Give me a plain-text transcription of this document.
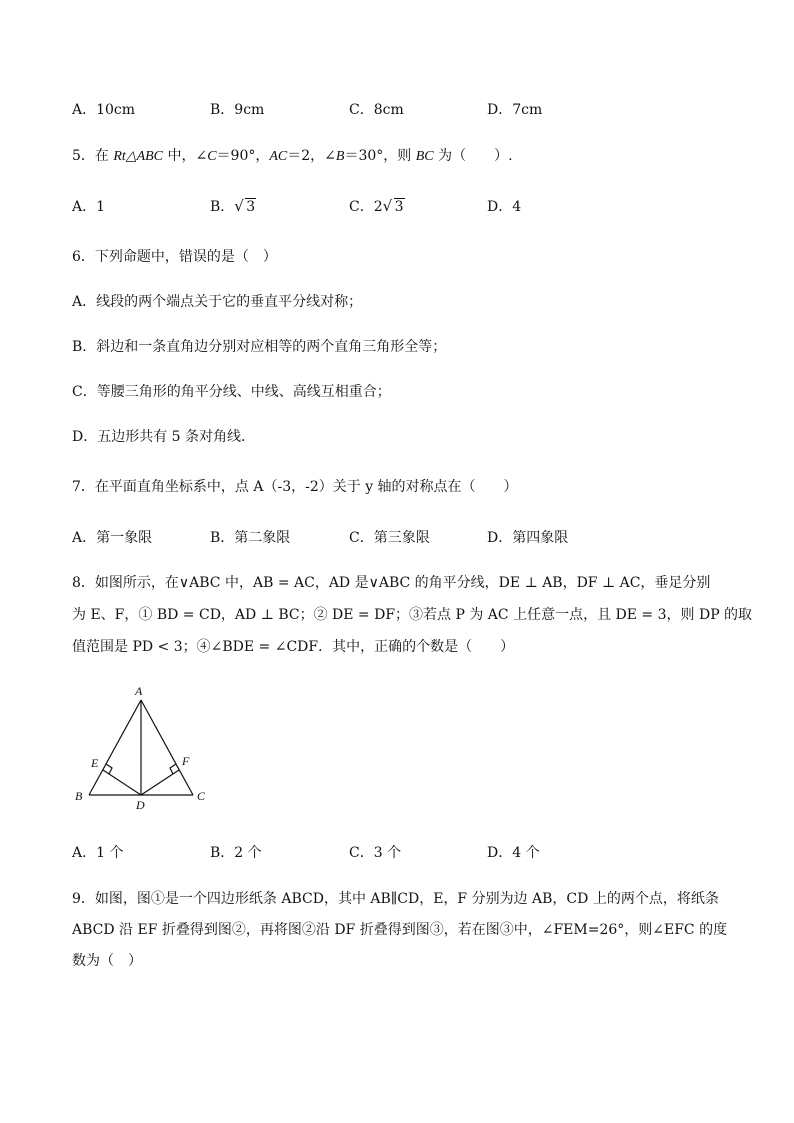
A．10cm	B．9cm	C．8cm	D．7cm
5．在 Rt△ABC 中，∠C＝90°，AC＝2，∠B＝30°，则 BC 为（　　）.
A．1	B． √ 3	C．2 √ 3	D．4
6．下列命题中，错误的是（　）
A．线段的两个端点关于它的垂直平分线对称；
B．斜边和一条直角边分别对应相等的两个直角三角形全等；
C．等腰三角形的角平分线、中线、高线互相重合；
D．五边形共有 5 条对角线．
7．在平面直角坐标系中，点 A（-3，-2）关于 y 轴的对称点在（　　）
A．第一象限	B．第二象限	C．第三象限	D．第四象限
8．如图所示，在∨ABC 中，AB = AC，AD 是∨ABC 的角平分线，DE ⊥ AB，DF ⊥ AC，垂足分别
为 E、F，① BD = CD，AD ⊥ BC；② DE = DF；③若点 P 为 AC 上任意一点，且 DE = 3，则 DP 的取
值范围是 PD < 3；④∠BDE = ∠CDF．其中，正确的个数是（　　）
A
B	C
D
E	F
A．1 个	B．2 个	C．3 个	D．4 个
9．如图，图①是一个四边形纸条 ABCD，其中 AB∥CD，E，F 分别为边 AB，CD 上的两个点，将纸条
ABCD 沿 EF 折叠得到图②，再将图②沿 DF 折叠得到图③，若在图③中，∠FEM=26°，则∠EFC 的度
数为（　）
